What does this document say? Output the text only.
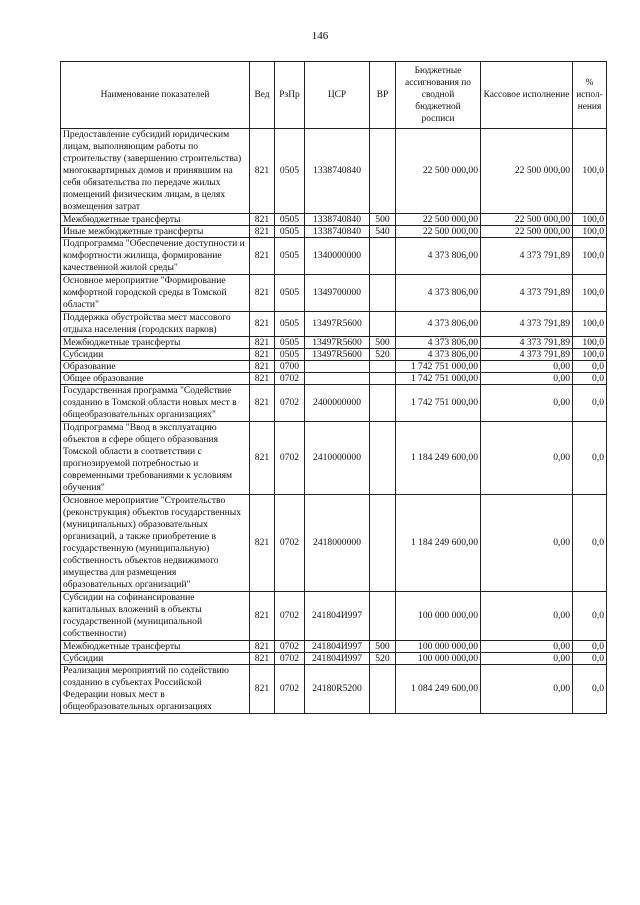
146
Наименование показателей	Вед	РзПр	ЦСР	ВР	Бюджетные ассигнования по сводной бюджетной росписи	Кассовое исполнение	% испол-нения
Предоставление субсидий юридическим лицам, выполняющим работы по строительству (завершению строительства) многоквартирных домов и принявшим на себя обязательства по передаче жилых помещений физическим лицам, в целях возмещения затрат	821	0505	1338740840		22 500 000,00	22 500 000,00	100,0
Межбюджетные трансферты	821	0505	1338740840	500	22 500 000,00	22 500 000,00	100,0
Иные межбюджетные трансферты	821	0505	1338740840	540	22 500 000,00	22 500 000,00	100,0
Подпрограмма "Обеспечение доступности и комфортности жилища, формирование качественной жилой среды"	821	0505	1340000000		4 373 806,00	4 373 791,89	100,0
Основное мероприятие "Формирование комфортной городской среды в Томской области"	821	0505	1349700000		4 373 806,00	4 373 791,89	100,0
Поддержка обустройства мест массового отдыха населения (городских парков)	821	0505	13497R5600		4 373 806,00	4 373 791,89	100,0
Межбюджетные трансферты	821	0505	13497R5600	500	4 373 806,00	4 373 791,89	100,0
Субсидии	821	0505	13497R5600	520	4 373 806,00	4 373 791,89	100,0
Образование	821	0700			1 742 751 000,00	0,00	0,0
Общее образование	821	0702			1 742 751 000,00	0,00	0,0
Государственная программа "Содействие созданию в Томской области новых мест в общеобразовательных организациях"	821	0702	2400000000		1 742 751 000,00	0,00	0,0
Подпрограмма "Ввод в эксплуатацию объектов в сфере общего образования Томской области в соответствии с прогнозируемой потребностью и современными требованиями к условиям обучения"	821	0702	2410000000		1 184 249 600,00	0,00	0,0
Основное мероприятие "Строительство (реконструкция) объектов государственных (муниципальных) образовательных организаций, а также приобретение в государственную (муниципальную) собственность объектов недвижимого имущества для размещения образовательных организаций"	821	0702	2418000000		1 184 249 600,00	0,00	0,0
Субсидии на софинансирование капитальных вложений в объекты государственной (муниципальной собственности)	821	0702	241804И997		100 000 000,00	0,00	0,0
Межбюджетные трансферты	821	0702	241804И997	500	100 000 000,00	0,00	0,0
Субсидии	821	0702	241804И997	520	100 000 000,00	0,00	0,0
Реализация мероприятий по содействию созданию в субъектах Российской Федерации новых мест в общеобразовательных организациях	821	0702	24180R5200		1 084 249 600,00	0,00	0,0
